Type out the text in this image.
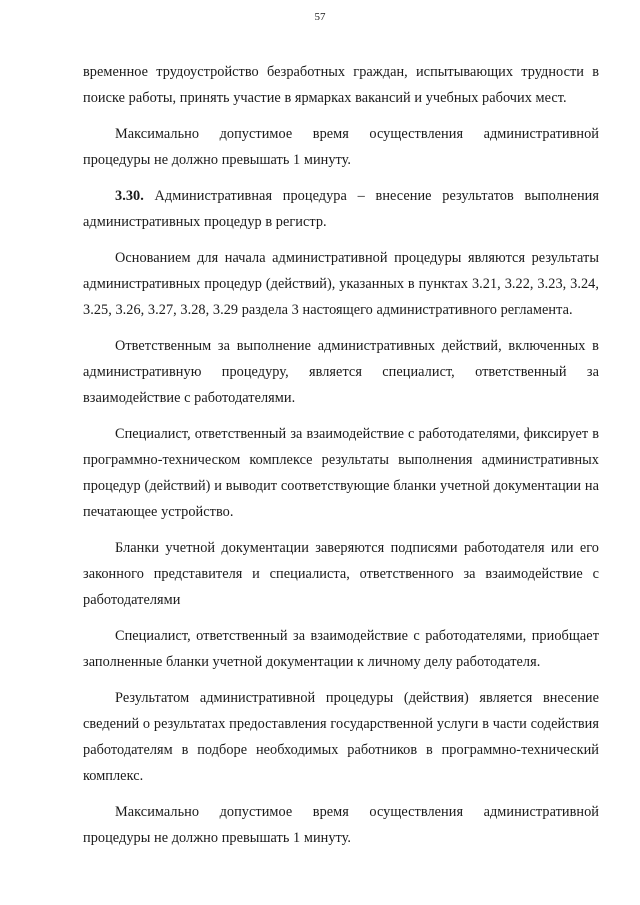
57

временное трудоустройство безработных граждан, испытывающих трудности в поиске работы, принять участие в ярмарках вакансий и учебных рабочих мест.

Максимально допустимое время осуществления административной процедуры не должно превышать 1 минуту.

3.30. Административная процедура – внесение результатов выполнения административных процедур в регистр.

Основанием для начала административной процедуры являются результаты административных процедур (действий), указанных в пунктах 3.21, 3.22, 3.23, 3.24, 3.25, 3.26, 3.27, 3.28, 3.29 раздела 3 настоящего административного регламента.

Ответственным за выполнение административных действий, включенных в административную процедуру, является специалист, ответственный за взаимодействие с работодателями.

Специалист, ответственный за взаимодействие с работодателями, фиксирует в программно-техническом комплексе результаты выполнения административных процедур (действий) и выводит соответствующие бланки учетной документации на печатающее устройство.

Бланки учетной документации заверяются подписями работодателя или его законного представителя и специалиста, ответственного за взаимодействие с работодателями

Специалист, ответственный за взаимодействие с работодателями, приобщает заполненные бланки учетной документации к личному делу работодателя.

Результатом административной процедуры (действия) является внесение сведений о результатах предоставления государственной услуги в части содействия работодателям в подборе необходимых работников в программно-технический комплекс.

Максимально допустимое время осуществления административной процедуры не должно превышать 1 минуту.
